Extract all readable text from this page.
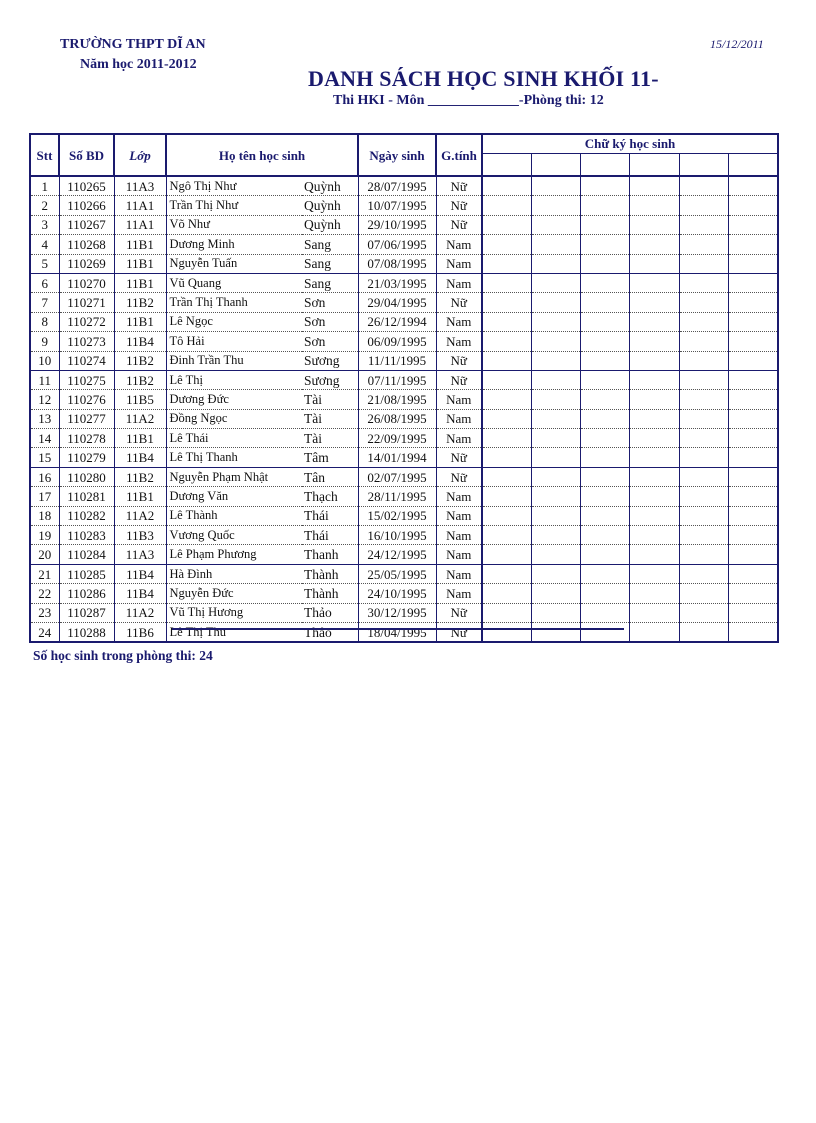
TRƯỜNG THPT DĨ AN
Năm học 2011-2012
15/12/2011
DANH SÁCH HỌC SINH KHỐI 11-
Thi HKI - Môn _____________-Phòng thi: 12
Stt	Số BD	Lớp	Họ tên học sinh		Ngày sinh	G.tính	Chữ ký học sinh					

1	110265	11A3	Ngô Thị Như	Quỳnh	28/07/1995	Nữ						
2	110266	11A1	Trần Thị Như	Quỳnh	10/07/1995	Nữ						
3	110267	11A1	Võ Như	Quỳnh	29/10/1995	Nữ						
4	110268	11B1	Dương Minh	Sang	07/06/1995	Nam						
5	110269	11B1	Nguyễn Tuấn	Sang	07/08/1995	Nam						
6	110270	11B1	Vũ Quang	Sang	21/03/1995	Nam						
7	110271	11B2	Trần Thị Thanh	Sơn	29/04/1995	Nữ						
8	110272	11B1	Lê Ngọc	Sơn	26/12/1994	Nam						
9	110273	11B4	Tô Hải	Sơn	06/09/1995	Nam						
10	110274	11B2	Đinh Trần Thu	Sương	11/11/1995	Nữ						
11	110275	11B2	Lê Thị	Sương	07/11/1995	Nữ						
12	110276	11B5	Dương Đức	Tài	21/08/1995	Nam						
13	110277	11A2	Đồng Ngọc	Tài	26/08/1995	Nam						
14	110278	11B1	Lê Thái	Tài	22/09/1995	Nam						
15	110279	11B4	Lê Thị Thanh	Tâm	14/01/1994	Nữ						
16	110280	11B2	Nguyễn Phạm Nhật	Tân	02/07/1995	Nữ						
17	110281	11B1	Dương Văn	Thạch	28/11/1995	Nam						
18	110282	11A2	Lê Thành	Thái	15/02/1995	Nam						
19	110283	11B3	Vương Quốc	Thái	16/10/1995	Nam						
20	110284	11A3	Lê Phạm Phương	Thanh	24/12/1995	Nam						
21	110285	11B4	Hà Đình	Thành	25/05/1995	Nam						
22	110286	11B4	Nguyễn Đức	Thành	24/10/1995	Nam						
23	110287	11A2	Vũ Thị Hương	Thảo	30/12/1995	Nữ						
24	110288	11B6	Lê Thị Thu	Thảo	18/04/1995	Nữ						
Số học sinh trong phòng thi: 24
